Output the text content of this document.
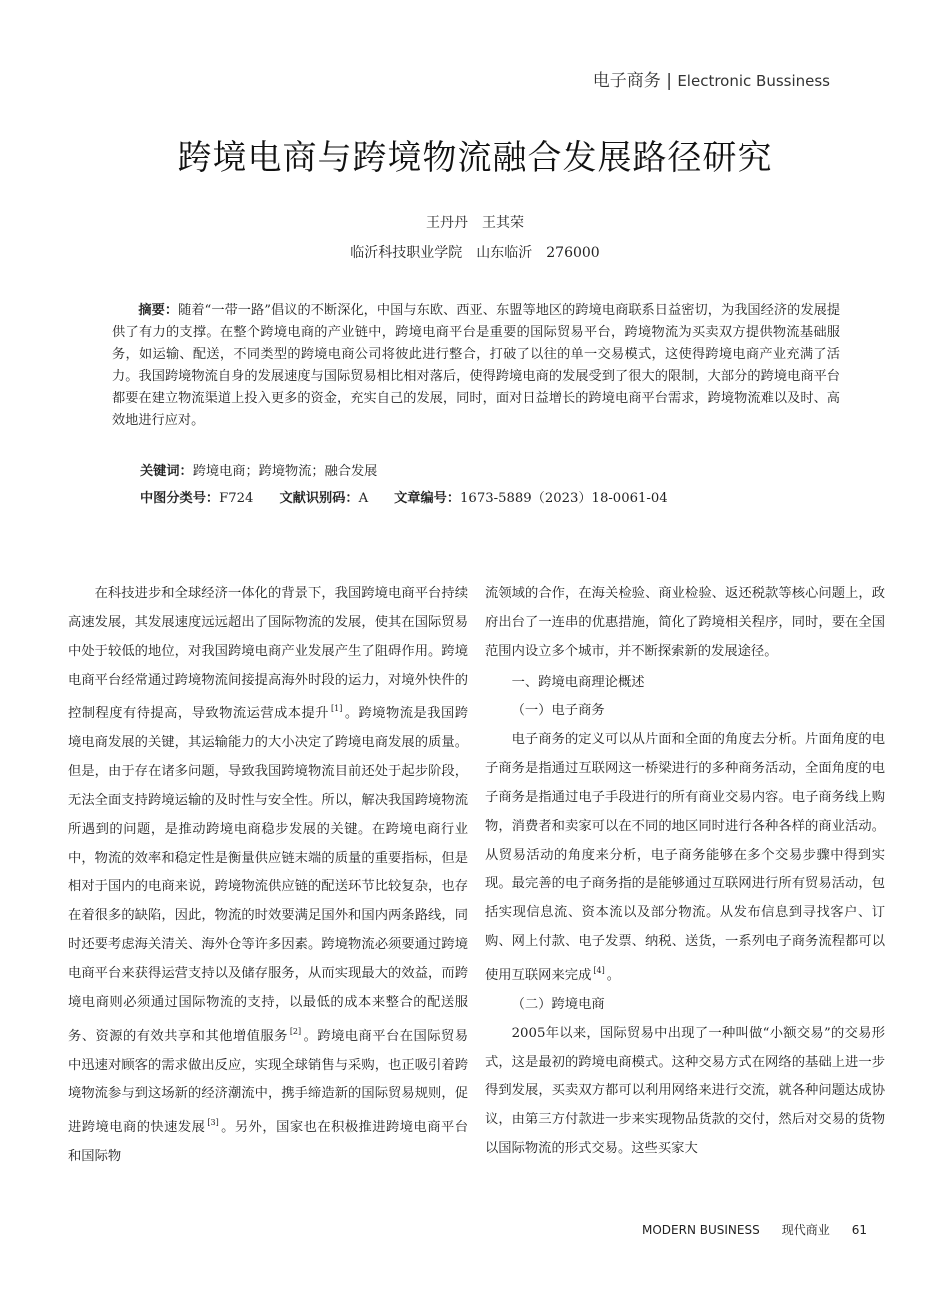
电子商务 | Electronic Bussiness
跨境电商与跨境物流融合发展路径研究
王丹丹　王其荣
临沂科技职业学院　山东临沂　276000
摘要：随着“一带一路”倡议的不断深化，中国与东欧、西亚、东盟等地区的跨境电商联系日益密切，为我国经济的发展提供了有力的支撑。在整个跨境电商的产业链中，跨境电商平台是重要的国际贸易平台，跨境物流为买卖双方提供物流基础服务，如运输、配送，不同类型的跨境电商公司将彼此进行整合，打破了以往的单一交易模式，这使得跨境电商产业充满了活力。我国跨境物流自身的发展速度与国际贸易相比相对落后，使得跨境电商的发展受到了很大的限制，大部分的跨境电商平台都要在建立物流渠道上投入更多的资金，充实自己的发展，同时，面对日益增长的跨境电商平台需求，跨境物流难以及时、高效地进行应对。
关键词：跨境电商；跨境物流；融合发展
中图分类号：F724 文献识别码：A 文章编号：1673-5889（2023）18-0061-04

在科技进步和全球经济一体化的背景下，我国跨境电商平台持续高速发展，其发展速度远远超出了国际物流的发展，使其在国际贸易中处于较低的地位，对我国跨境电商产业发展产生了阻碍作用。跨境电商平台经常通过跨境物流间接提高海外时段的运力，对境外快件的控制程度有待提高，导致物流运营成本提升 [1] 。跨境物流是我国跨境电商发展的关键，其运输能力的大小决定了跨境电商发展的质量。但是，由于存在诸多问题，导致我国跨境物流目前还处于起步阶段，无法全面支持跨境运输的及时性与安全性。所以，解决我国跨境物流所遇到的问题，是推动跨境电商稳步发展的关键。在跨境电商行业中，物流的效率和稳定性是衡量供应链末端的质量的重要指标，但是相对于国内的电商来说，跨境物流供应链的配送环节比较复杂，也存在着很多的缺陷，因此，物流的时效要满足国外和国内两条路线，同时还要考虑海关清关、海外仓等许多因素。跨境物流必须要通过跨境电商平台来获得运营支持以及储存服务，从而实现最大的效益，而跨境电商则必须通过国际物流的支持，以最低的成本来整合的配送服务、资源的有效共享和其他增值服务 [2] 。跨境电商平台在国际贸易中迅速对顾客的需求做出反应，实现全球销售与采购，也正吸引着跨境物流参与到这场新的经济潮流中，携手缔造新的国际贸易规则，促进跨境电商的快速发展 [3] 。另外，国家也在积极推进跨境电商平台和国际物

流领域的合作，在海关检验、商业检验、返还税款等核心问题上，政府出台了一连串的优惠措施，简化了跨境相关程序，同时，要在全国范围内设立多个城市，并不断探索新的发展途径。

一、跨境电商理论概述
（一）电子商务

电子商务的定义可以从片面和全面的角度去分析。片面角度的电子商务是指通过互联网这一桥梁进行的多种商务活动，全面角度的电子商务是指通过电子手段进行的所有商业交易内容。电子商务线上购物，消费者和卖家可以在不同的地区同时进行各种各样的商业活动。从贸易活动的角度来分析，电子商务能够在多个交易步骤中得到实现。最完善的电子商务指的是能够通过互联网进行所有贸易活动，包括实现信息流、资本流以及部分物流。从发布信息到寻找客户、订购、网上付款、电子发票、纳税、送货，一系列电子商务流程都可以使用互联网来完成 [4] 。

（二）跨境电商

2005年以来，国际贸易中出现了一种叫做“小额交易”的交易形式，这是最初的跨境电商模式。这种交易方式在网络的基础上进一步得到发展，买卖双方都可以利用网络来进行交流，就各种问题达成协议，由第三方付款进一步来实现物品货款的交付，然后对交易的货物以国际物流的形式交易。这些买家大

MODERN BUSINESS 现代商业 61
